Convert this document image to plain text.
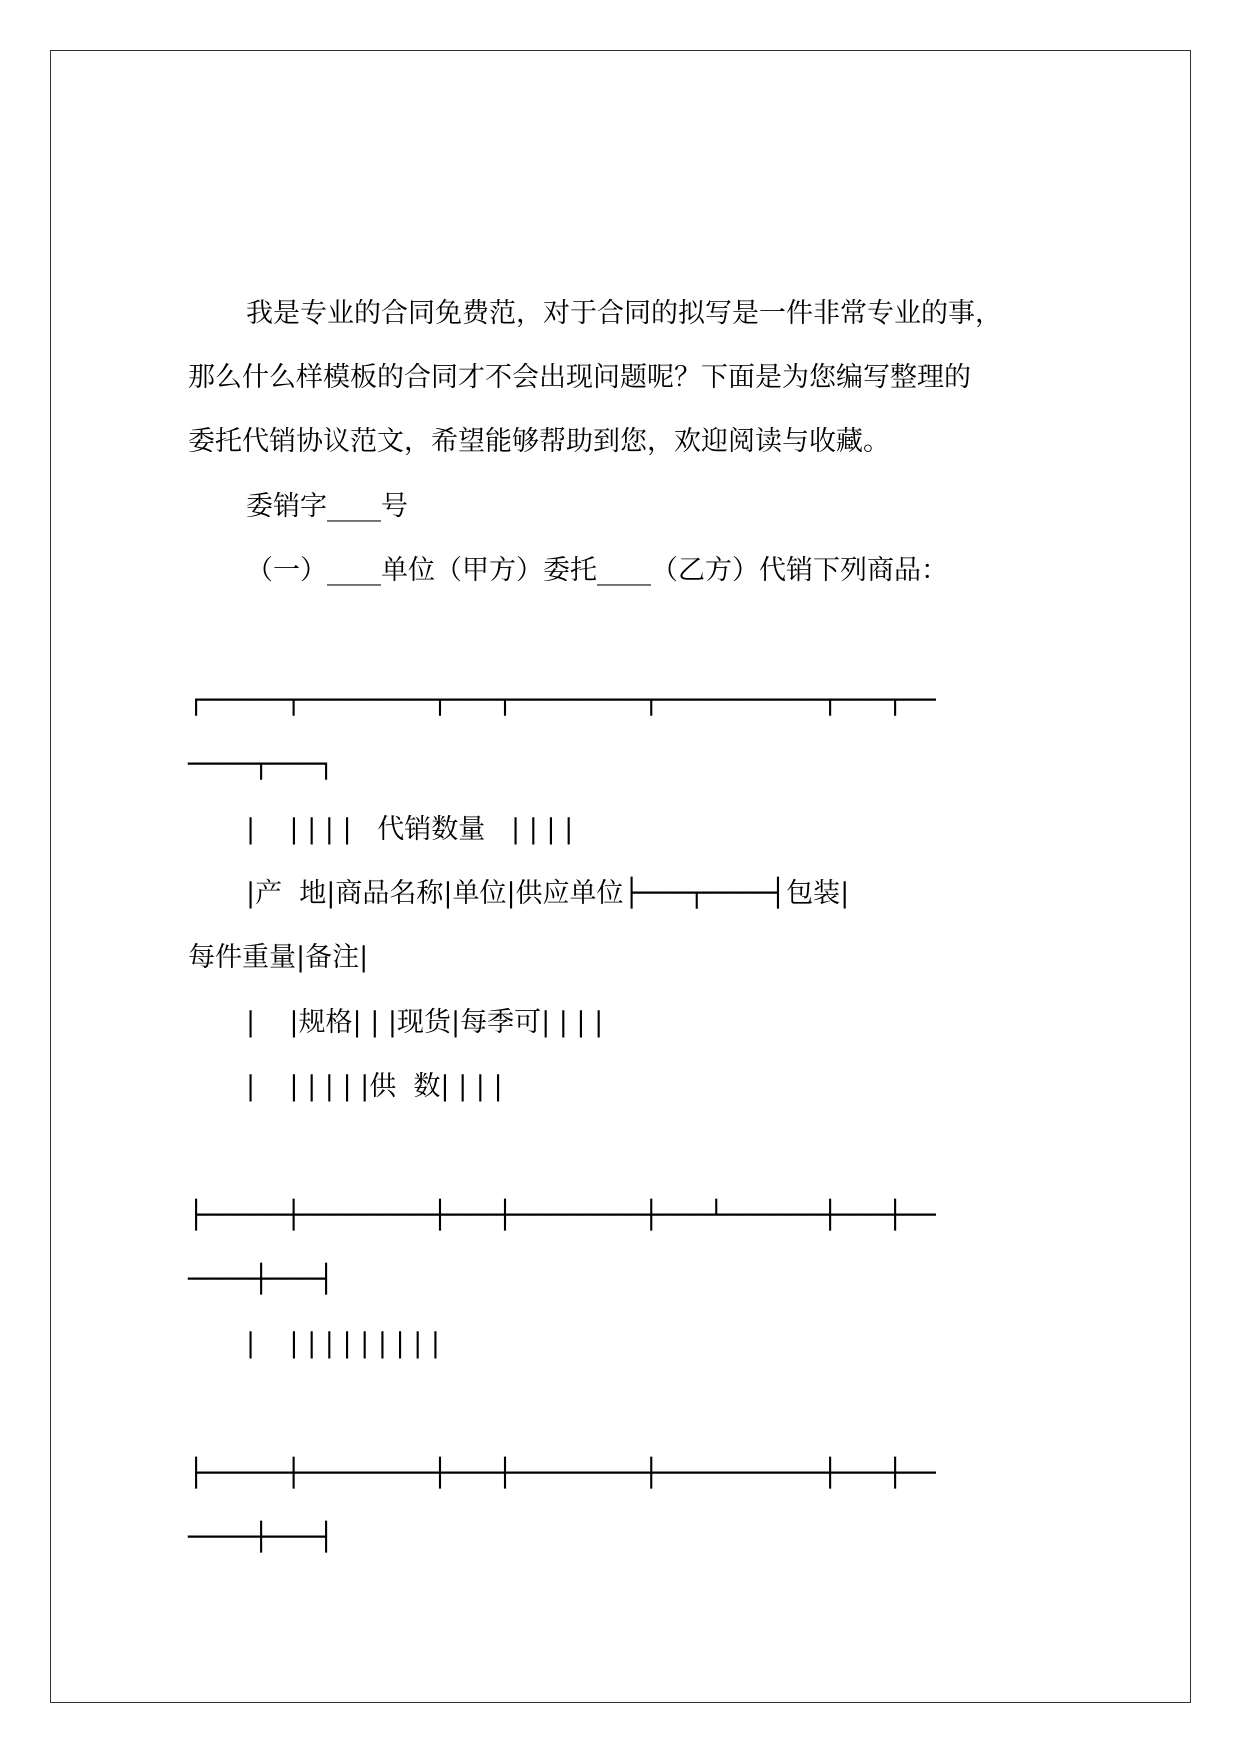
我是专业的合同免费范，对于合同的拟写是一件非常专业的事，
那么什么样模板的合同才不会出现问题呢？下面是为您编写整理的
委托代销协议范文，希望能够帮助到您，欢迎阅读与收藏。
委销字____号
（一）____单位（甲方）委托____（乙方）代销下列商品：
┌─────┬────────┬───┬────────┬──────────┬───┬──
────┬───┐
|    | | | |   代销数量   | | | |
|产  地|商品名称|单位|供应单位├───┬────┤包装|
每件重量|备注|
|    |规格| | |现货|每季可| | | |
|    | | | | |供  数| | | |
├─────┼────────┼───┼────────┼───┴──────┼───┼──
────┼───┤
|    | | | | | | | | |
├─────┼────────┼───┼────────┼──────────┼───┼──
────┼───┤
